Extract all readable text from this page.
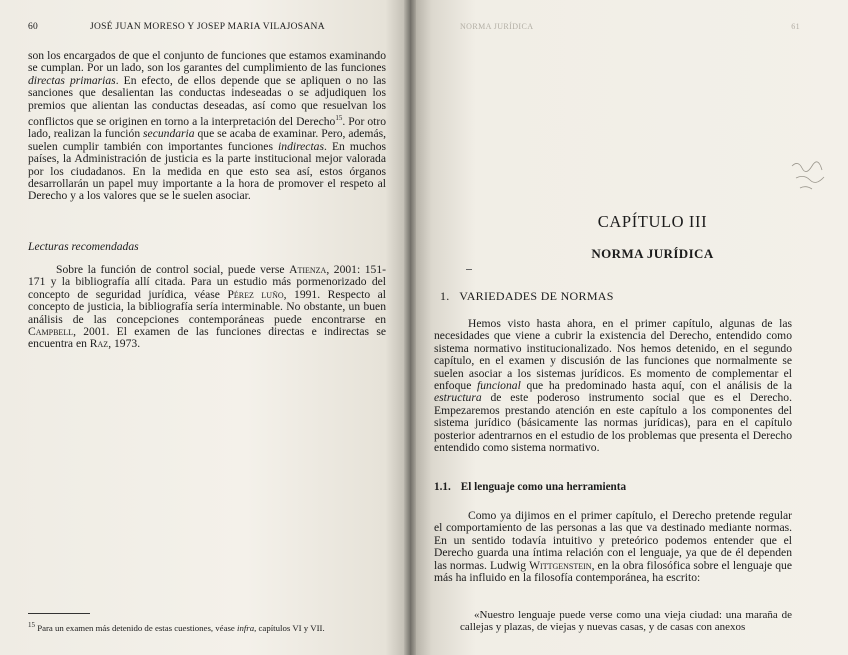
60	JOSÉ JUAN MORESO Y JOSEP MARIA VILAJOSANA
son los encargados de que el conjunto de funciones que estamos examinando se cumplan. Por un lado, son los garantes del cumplimiento de las funciones directas primarias. En efecto, de ellos depende que se apliquen o no las sanciones que desalientan las conductas indeseadas o se adjudiquen los premios que alientan las conductas deseadas, así como que resuelvan los conflictos que se originen en torno a la interpretación del Derecho$^{15}$. Por otro lado, realizan la función secundaria que se acaba de examinar. Pero, además, suelen cumplir también con importantes funciones indirectas. En muchos países, la Administración de justicia es la parte institucional mejor valorada por los ciudadanos. En la medida en que esto sea así, estos órganos desarrollarán un papel muy importante a la hora de promover el respeto al Derecho y a los valores que se le suelen asociar.
Lecturas recomendadas

Sobre la función de control social, puede verse Atienza, 2001: 151-171 y la bibliografía allí citada. Para un estudio más pormenorizado del concepto de seguridad jurídica, véase Pérez luño, 1991. Respecto al concepto de justicia, la bibliografía sería interminable. No obstante, un buen análisis de las concepciones contemporáneas puede encontrarse en Campbell, 2001. El examen de las funciones directas e indirectas se encuentra en Raz, 1973.

$^{15}$ Para un examen más detenido de estas cuestiones, véase infra, capítulos VI y VII.
NORMA JURÍDICA	61
CAPÍTULO III
NORMA JURÍDICA
1.   VARIEDADES DE NORMAS
Hemos visto hasta ahora, en el primer capítulo, algunas de las necesidades que viene a cubrir la existencia del Derecho, entendido como sistema normativo institucionalizado. Nos hemos detenido, en el segundo capítulo, en el examen y discusión de las funciones que normalmente se suelen asociar a los sistemas jurídicos. Es momento de complementar el enfoque funcional que ha predominado hasta aquí, con el análisis de la estructura de este poderoso instrumento social que es el Derecho. Empezaremos prestando atención en este capítulo a los componentes del sistema jurídico (básicamente las normas jurídicas), para en el capítulo posterior adentrarnos en el estudio de los problemas que presenta el Derecho entendido como sistema normativo.
1.1. El lenguaje como una herramienta

Como ya dijimos en el primer capítulo, el Derecho pretende regular el comportamiento de las personas a las que va destinado mediante normas. En un sentido todavía intuitivo y preteórico podemos entender que el Derecho guarda una íntima relación con el lenguaje, ya que de él dependen las normas. Ludwig Wittgenstein, en la obra filosófica sobre el lenguaje que más ha influido en la filosofía contemporánea, ha escrito:

«Nuestro lenguaje puede verse como una vieja ciudad: una maraña de callejas y plazas, de viejas y nuevas casas, y de casas con anexos
